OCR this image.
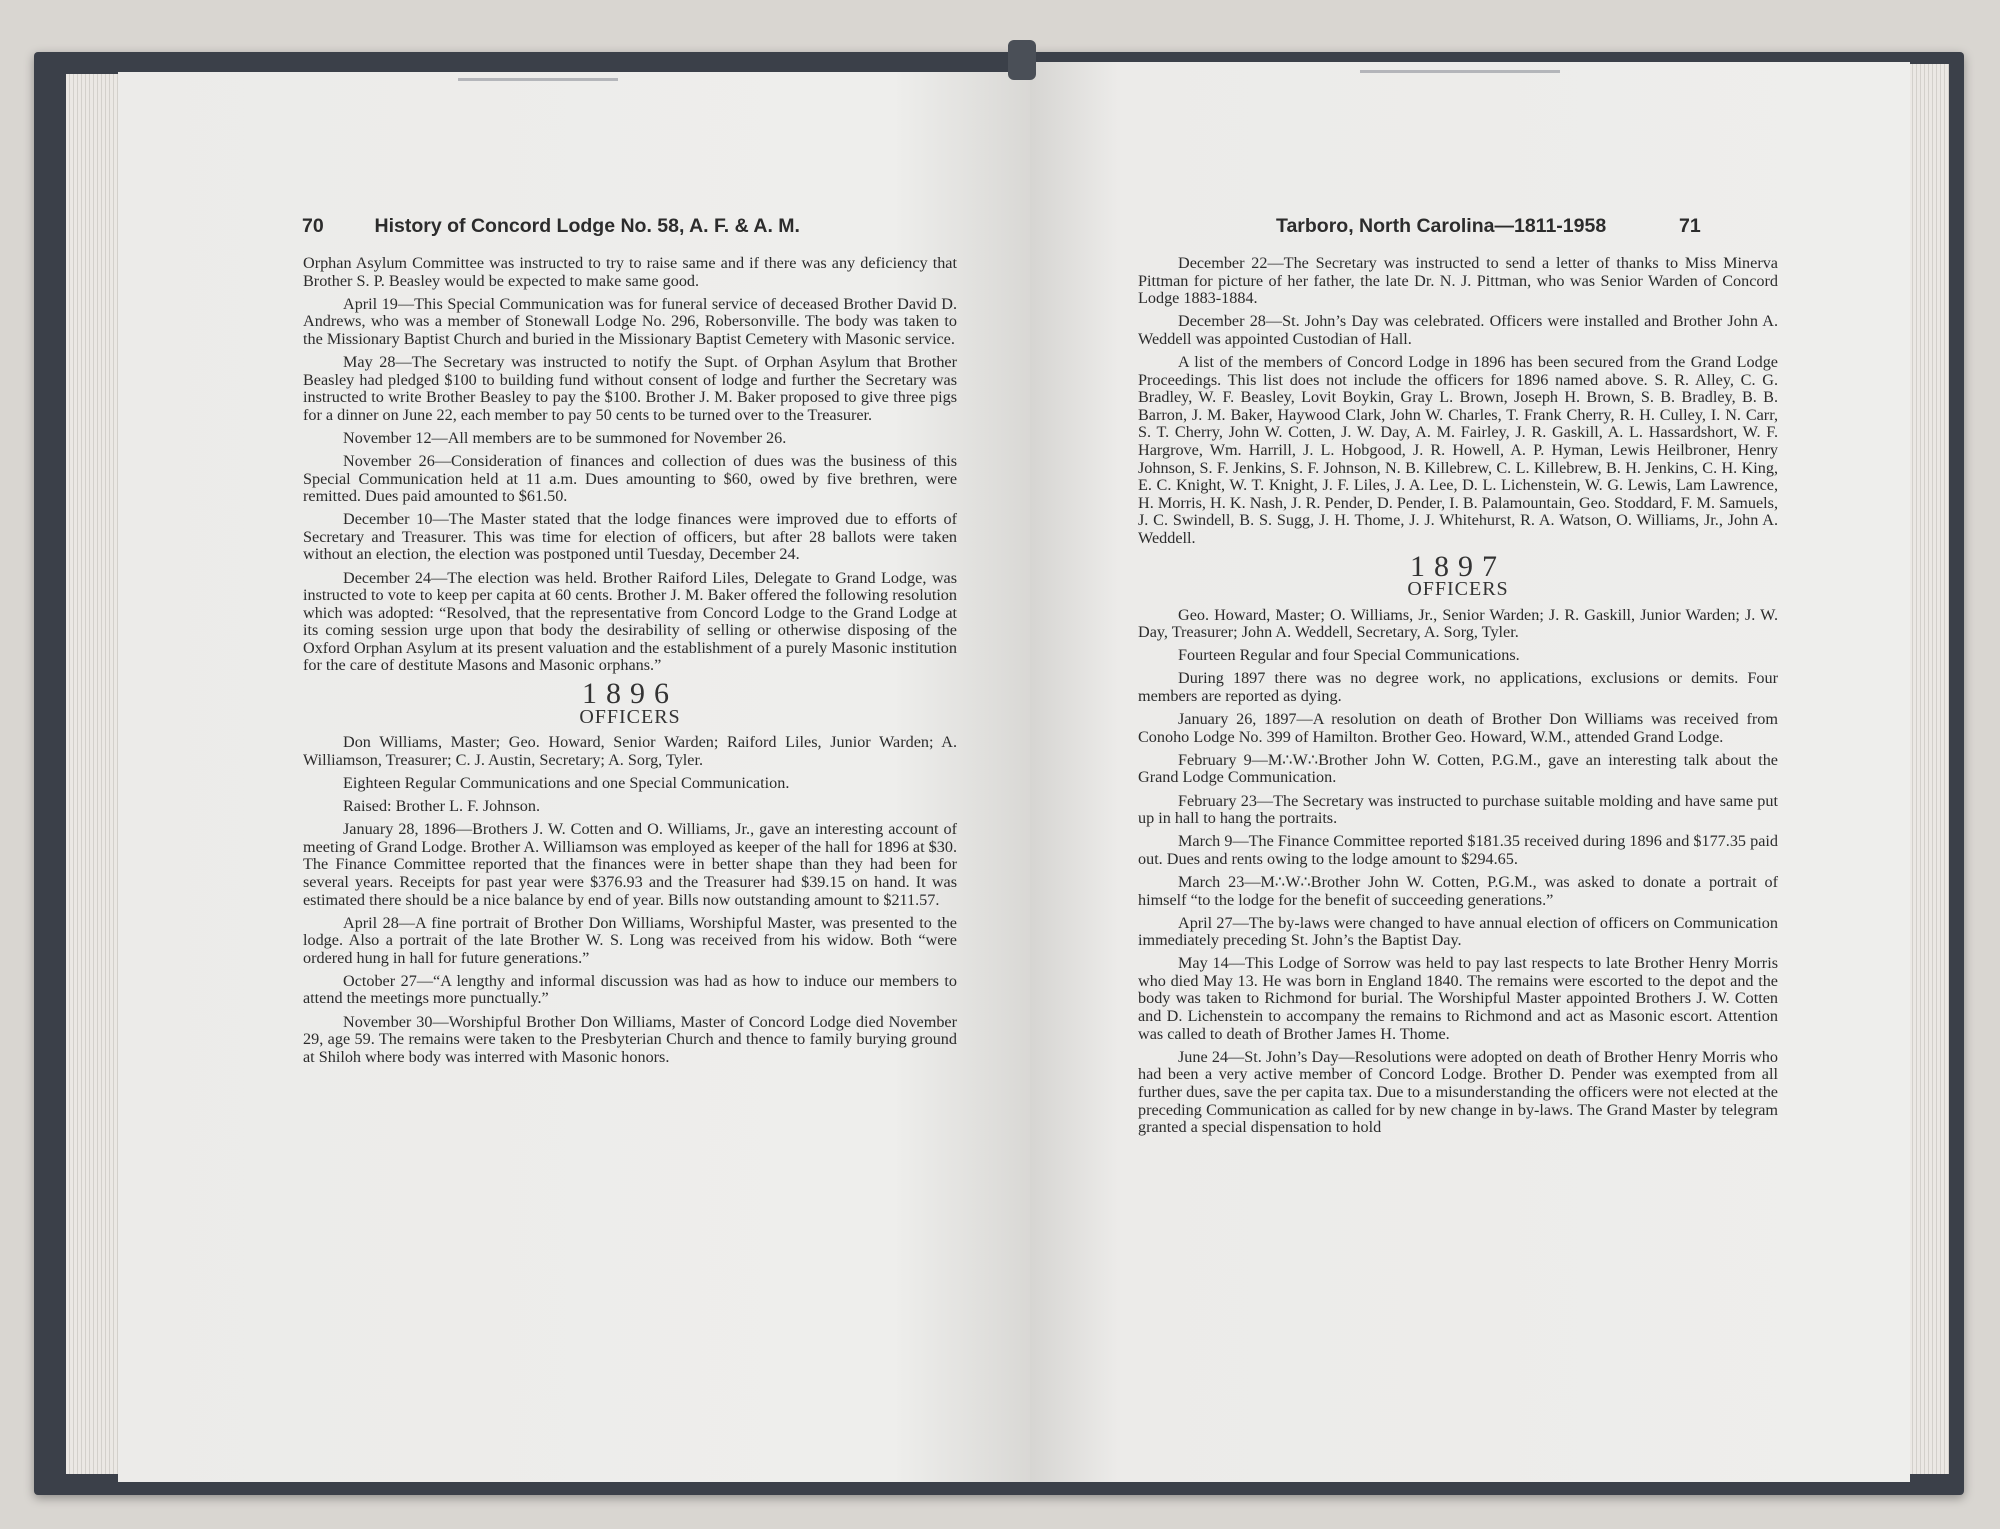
70	History of Concord Lodge No. 58, A. F. & A. M.

Orphan Asylum Committee was instructed to try to raise same and if there was any deficiency that Brother S. P. Beasley would be expected to make same good.

April 19—This Special Communication was for funeral service of deceased Brother David D. Andrews, who was a member of Stonewall Lodge No. 296, Robersonville. The body was taken to the Missionary Baptist Church and buried in the Missionary Baptist Cemetery with Masonic service.

May 28—The Secretary was instructed to notify the Supt. of Orphan Asylum that Brother Beasley had pledged $100 to building fund without consent of lodge and further the Secretary was instructed to write Brother Beasley to pay the $100. Brother J. M. Baker proposed to give three pigs for a dinner on June 22, each member to pay 50 cents to be turned over to the Treasurer.

November 12—All members are to be summoned for November 26.

November 26—Consideration of finances and collection of dues was the business of this Special Communication held at 11 a.m. Dues amounting to $60, owed by five brethren, were remitted. Dues paid amounted to $61.50.

December 10—The Master stated that the lodge finances were improved due to efforts of Secretary and Treasurer. This was time for election of officers, but after 28 ballots were taken without an election, the election was postponed until Tuesday, December 24.

December 24—The election was held. Brother Raiford Liles, Delegate to Grand Lodge, was instructed to vote to keep per capita at 60 cents. Brother J. M. Baker offered the following resolution which was adopted: “Resolved, that the representative from Concord Lodge to the Grand Lodge at its coming session urge upon that body the desirability of selling or otherwise disposing of the Oxford Orphan Asylum at its present valuation and the establishment of a purely Masonic institution for the care of destitute Masons and Masonic orphans.”

1896
OFFICERS

Don Williams, Master; Geo. Howard, Senior Warden; Raiford Liles, Junior Warden; A. Williamson, Treasurer; C. J. Austin, Secretary; A. Sorg, Tyler.

Eighteen Regular Communications and one Special Communication.

Raised: Brother L. F. Johnson.

January 28, 1896—Brothers J. W. Cotten and O. Williams, Jr., gave an interesting account of meeting of Grand Lodge. Brother A. Williamson was employed as keeper of the hall for 1896 at $30. The Finance Committee reported that the finances were in better shape than they had been for several years. Receipts for past year were $376.93 and the Treasurer had $39.15 on hand. It was estimated there should be a nice balance by end of year. Bills now outstanding amount to $211.57.

April 28—A fine portrait of Brother Don Williams, Worshipful Master, was presented to the lodge. Also a portrait of the late Brother W. S. Long was received from his widow. Both “were ordered hung in hall for future generations.”

October 27—“A lengthy and informal discussion was had as how to induce our members to attend the meetings more punctually.”

November 30—Worshipful Brother Don Williams, Master of Concord Lodge died November 29, age 59. The remains were taken to the Presbyterian Church and thence to family burying ground at Shiloh where body was interred with Masonic honors.

Tarboro, North Carolina—1811-1958	71

December 22—The Secretary was instructed to send a letter of thanks to Miss Minerva Pittman for picture of her father, the late Dr. N. J. Pittman, who was Senior Warden of Concord Lodge 1883-1884.

December 28—St. John’s Day was celebrated. Officers were installed and Brother John A. Weddell was appointed Custodian of Hall.

A list of the members of Concord Lodge in 1896 has been secured from the Grand Lodge Proceedings. This list does not include the officers for 1896 named above. S. R. Alley, C. G. Bradley, W. F. Beasley, Lovit Boykin, Gray L. Brown, Joseph H. Brown, S. B. Bradley, B. B. Barron, J. M. Baker, Haywood Clark, John W. Charles, T. Frank Cherry, R. H. Culley, I. N. Carr, S. T. Cherry, John W. Cotten, J. W. Day, A. M. Fairley, J. R. Gaskill, A. L. Hassardshort, W. F. Hargrove, Wm. Harrill, J. L. Hobgood, J. R. Howell, A. P. Hyman, Lewis Heilbroner, Henry Johnson, S. F. Jenkins, S. F. Johnson, N. B. Killebrew, C. L. Killebrew, B. H. Jenkins, C. H. King, E. C. Knight, W. T. Knight, J. F. Liles, J. A. Lee, D. L. Lichenstein, W. G. Lewis, Lam Lawrence, H. Morris, H. K. Nash, J. R. Pender, D. Pender, I. B. Palamountain, Geo. Stoddard, F. M. Samuels, J. C. Swindell, B. S. Sugg, J. H. Thome, J. J. Whitehurst, R. A. Watson, O. Williams, Jr., John A. Weddell.

1897
OFFICERS

Geo. Howard, Master; O. Williams, Jr., Senior Warden; J. R. Gaskill, Junior Warden; J. W. Day, Treasurer; John A. Weddell, Secretary, A. Sorg, Tyler.

Fourteen Regular and four Special Communications.

During 1897 there was no degree work, no applications, exclusions or demits. Four members are reported as dying.

January 26, 1897—A resolution on death of Brother Don Williams was received from Conoho Lodge No. 399 of Hamilton. Brother Geo. Howard, W.M., attended Grand Lodge.

February 9—M∴W∴Brother John W. Cotten, P.G.M., gave an interesting talk about the Grand Lodge Communication.

February 23—The Secretary was instructed to purchase suitable molding and have same put up in hall to hang the portraits.

March 9—The Finance Committee reported $181.35 received during 1896 and $177.35 paid out. Dues and rents owing to the lodge amount to $294.65.

March 23—M∴W∴Brother John W. Cotten, P.G.M., was asked to donate a portrait of himself “to the lodge for the benefit of succeeding generations.”

April 27—The by-laws were changed to have annual election of officers on Communication immediately preceding St. John’s the Baptist Day.

May 14—This Lodge of Sorrow was held to pay last respects to late Brother Henry Morris who died May 13. He was born in England 1840. The remains were escorted to the depot and the body was taken to Richmond for burial. The Worshipful Master appointed Brothers J. W. Cotten and D. Lichenstein to accompany the remains to Richmond and act as Masonic escort. Attention was called to death of Brother James H. Thome.

June 24—St. John’s Day—Resolutions were adopted on death of Brother Henry Morris who had been a very active member of Concord Lodge. Brother D. Pender was exempted from all further dues, save the per capita tax. Due to a misunderstanding the officers were not elected at the preceding Communication as called for by new change in by-laws. The Grand Master by telegram granted a special dispensation to hold
